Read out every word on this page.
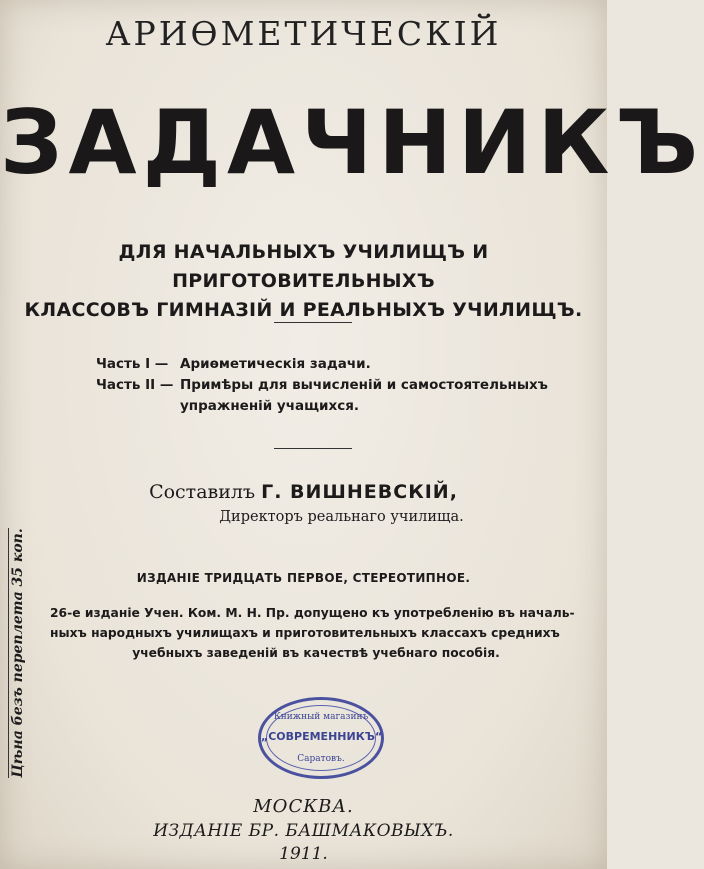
АРИѲМЕТИЧЕСКІЙ
ЗАДАЧНИКЪ
ДЛЯ НАЧАЛЬНЫХЪ УЧИЛИЩЪ И ПРИГОТОВИТЕЛЬНЫХЪ
КЛАССОВЪ ГИМНАЗІЙ И РЕАЛЬНЫХЪ УЧИЛИЩЪ.
Часть I — Ариѳметическія задачи.
Часть II — Примѣры для вычисленій и самостоятельныхъ упражненій учащихся.
Составилъ Г. ВИШНЕВСКІЙ,
Директоръ реальнаго училища.
ИЗДАНІЕ ТРИДЦАТЬ ПЕРВОЕ, СТЕРЕОТИПНОЕ.
26-е изданіе Учен. Ком. М. Н. Пр. допущено къ употребленію въ началь-
ныхъ народныхъ училищахъ и приготовительныхъ классахъ среднихъ
учебныхъ заведеній въ качествѣ учебнаго пособія.
Книжный магазинъ
„СОВРЕМЕННИКЪ“
Саратовъ.
МОСКВА.
ИЗДАНІЕ БР. БАШМАКОВЫХЪ.
1911.
Цѣна безъ переплета 35 коп.
